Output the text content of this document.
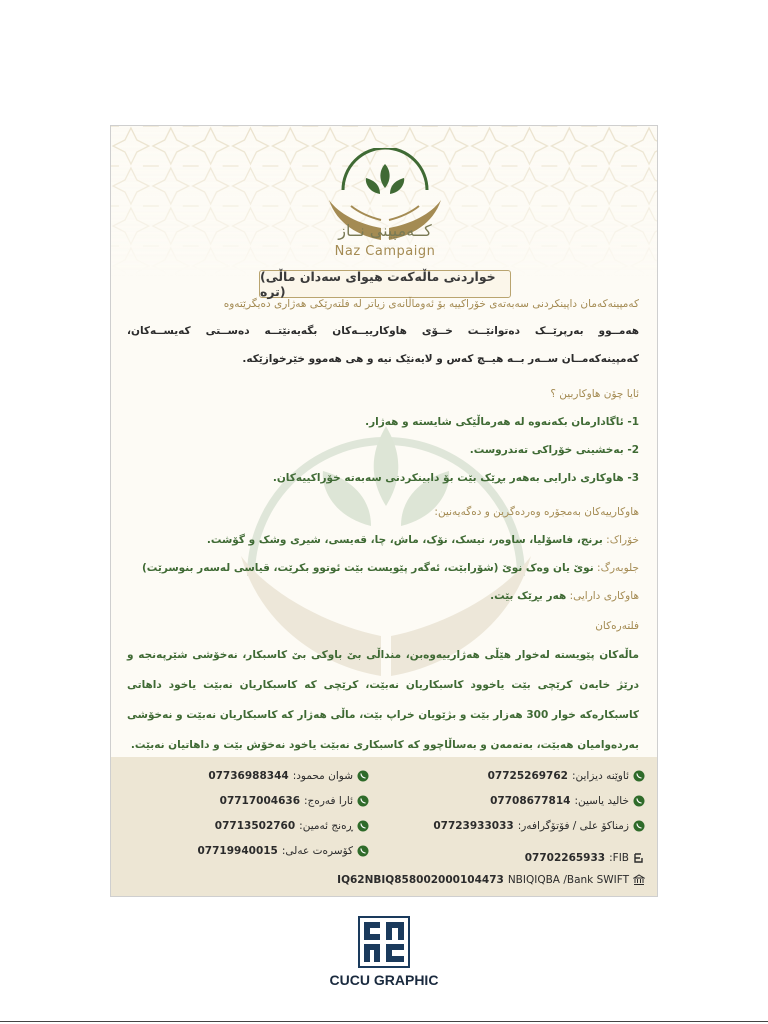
کــەمپینی نــاز
Naz Campaign
(خواردنی ماڵەکەت هیوای سەدان ماڵی ترە)
کەمپینەکەمان داپینکردنی سەبەتەی خۆراکییە بۆ ئەوماڵانەی زیاتر لە فلتەرێکی هەژاری دەیگرێتەوە
هەمــوو بەرپرێــک دەتوانێــت خــۆی هاوکارییــەکان بگەیەنێتــە دەســتی کەیســەکان، کەمپینەکەمــان ســەر بــە هیــچ کەس و لایەنێک نیە و هی هەموو خێرخوازێکە.
ئایا چۆن هاوکاربین ؟
1- ئاگادارمان بکەنەوە لە هەرماڵێکی شایستە و هەژار.
2- بەخشینی خۆراکی تەندروست.
3- هاوکاری دارایی بەهەر بڕێک بێت بۆ دابینکردنی سەبەتە خۆراکییەکان.
هاوکارییەکان بەمجۆرە وەردەگرین و دەگەیەنین:
خۆراک: برنج، فاسۆلیا، ساوەر، نیسک، نۆک، ماش، چا، قەیسی، شیری وشک و گۆشت.
جلوبەرگ: نوێ یان وەک نوێ (شۆرابێت، ئەگەر پێویست بێت ئوتوو بکرێت، قیاسی لەسەر بنوسرێت)
هاوکاری دارایی: هەر بڕێک بێت.
فلتەرەکان
ماڵەکان پێویستە لەخوار هێڵی هەژارییەوەبن، منداڵی بێ باوکی بێ کاسبکار، نەخۆشی شێرپەنجە و درێژ خایەن کرێچی بێت یاخوود کاسبکاریان نەبێت، کرێچی کە کاسبکاریان نەبێت یاخود داهاتی کاسبکارەکە خوار 300 هەزار بێت و بژێویان خراپ بێت، ماڵی هەژار کە کاسبکاریان نەبێت و نەخۆشی بەردەوامیان هەبێت، بەتەمەن و بەساڵاچوو کە کاسبکاری نەبێت یاخود نەخۆش بێت و داهاتیان نەبێت.
ئاوێنە دیزاین:
07725269762
خالید یاسین:
07708677814
زمناکۆ علی / فۆتۆگرافەر:
07723933033
شوان محمود:
07736988344
ئارا فەرەج:
07717004636
ڕەنج ئەمین:
07713502760
کۆسرەت عەلی:
07719940015
FIB:
07702265933
IQ62NBIQ858002000104473 NBIQIQBA /Bank SWIFT
CUCU GRAPHIC
